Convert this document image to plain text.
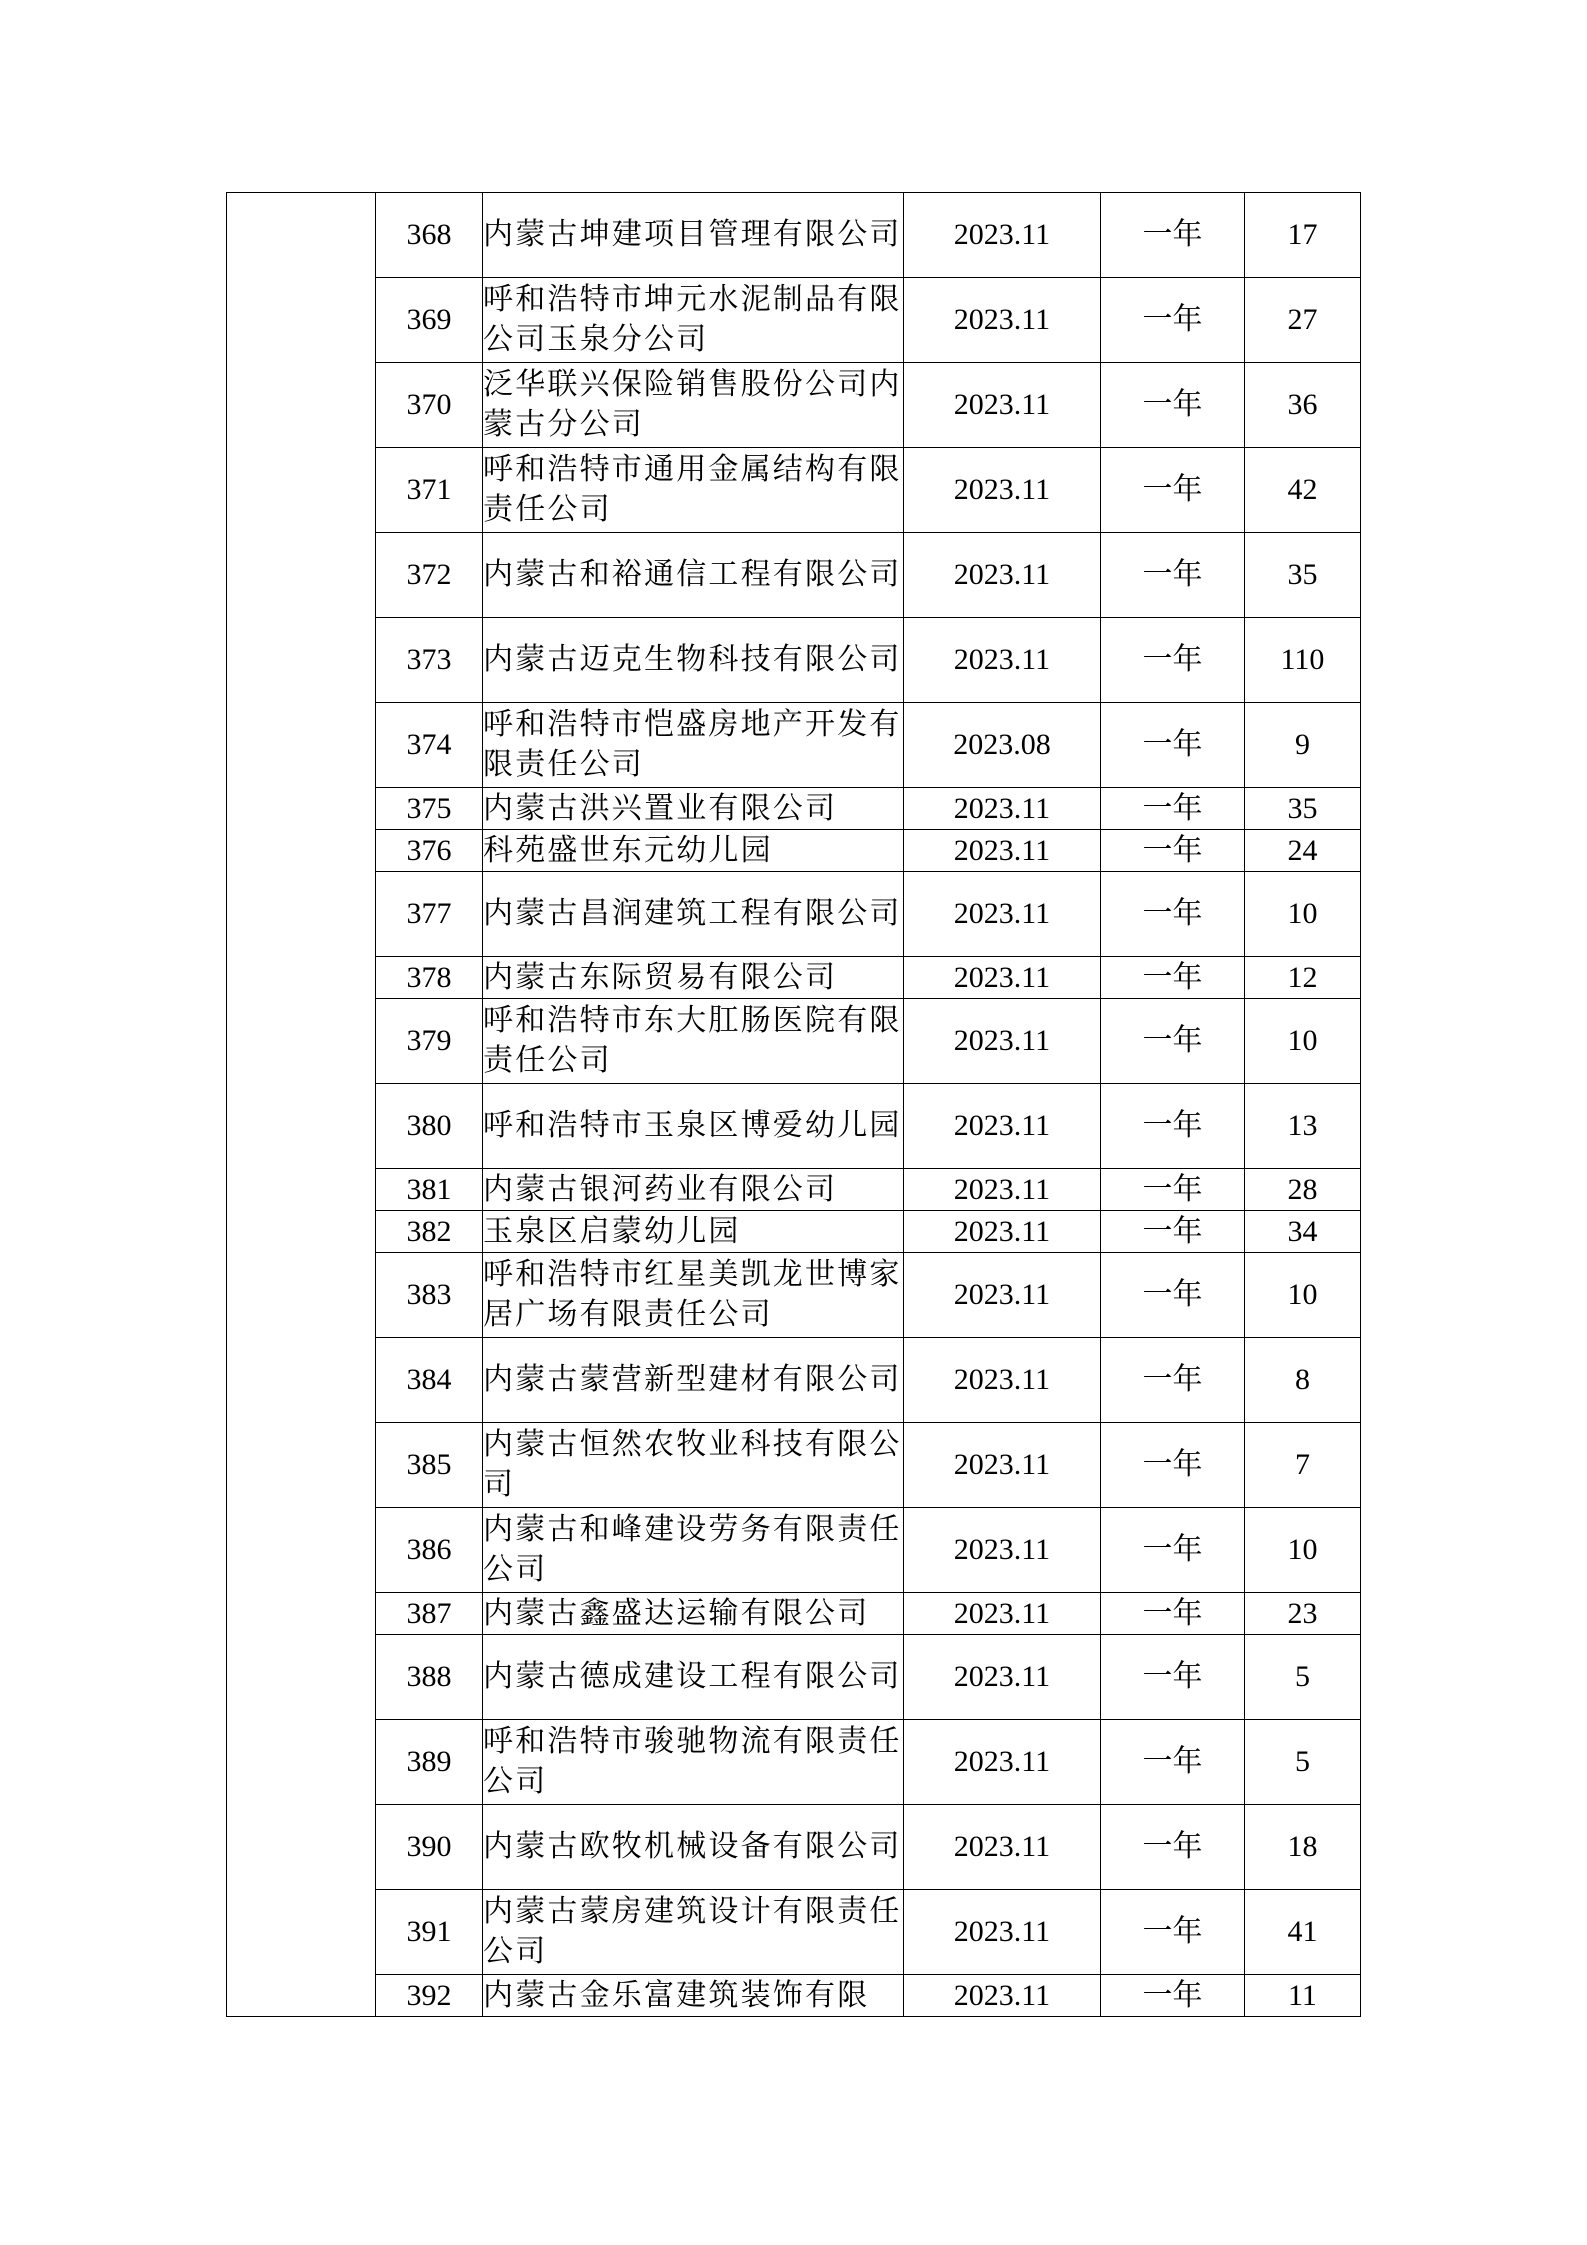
	368	内蒙古坤建项目管理有限公司	2023.11	一年	17
	369	呼和浩特市坤元水泥制品有限公司玉泉分公司	2023.11	一年	27
	370	泛华联兴保险销售股份公司内蒙古分公司	2023.11	一年	36
	371	呼和浩特市通用金属结构有限责任公司	2023.11	一年	42
	372	内蒙古和裕通信工程有限公司	2023.11	一年	35
	373	内蒙古迈克生物科技有限公司	2023.11	一年	110
	374	呼和浩特市恺盛房地产开发有限责任公司	2023.08	一年	9
	375	内蒙古洪兴置业有限公司	2023.11	一年	35
	376	科苑盛世东元幼儿园	2023.11	一年	24
	377	内蒙古昌润建筑工程有限公司	2023.11	一年	10
	378	内蒙古东际贸易有限公司	2023.11	一年	12
	379	呼和浩特市东大肛肠医院有限责任公司	2023.11	一年	10
	380	呼和浩特市玉泉区博爱幼儿园	2023.11	一年	13
	381	内蒙古银河药业有限公司	2023.11	一年	28
	382	玉泉区启蒙幼儿园	2023.11	一年	34
	383	呼和浩特市红星美凯龙世博家居广场有限责任公司	2023.11	一年	10
	384	内蒙古蒙营新型建材有限公司	2023.11	一年	8
	385	内蒙古恒然农牧业科技有限公司	2023.11	一年	7
	386	内蒙古和峰建设劳务有限责任公司	2023.11	一年	10
	387	内蒙古鑫盛达运输有限公司	2023.11	一年	23
	388	内蒙古德成建设工程有限公司	2023.11	一年	5
	389	呼和浩特市骏驰物流有限责任公司	2023.11	一年	5
	390	内蒙古欧牧机械设备有限公司	2023.11	一年	18
	391	内蒙古蒙房建筑设计有限责任公司	2023.11	一年	41
	392	内蒙古金乐富建筑装饰有限	2023.11	一年	11
